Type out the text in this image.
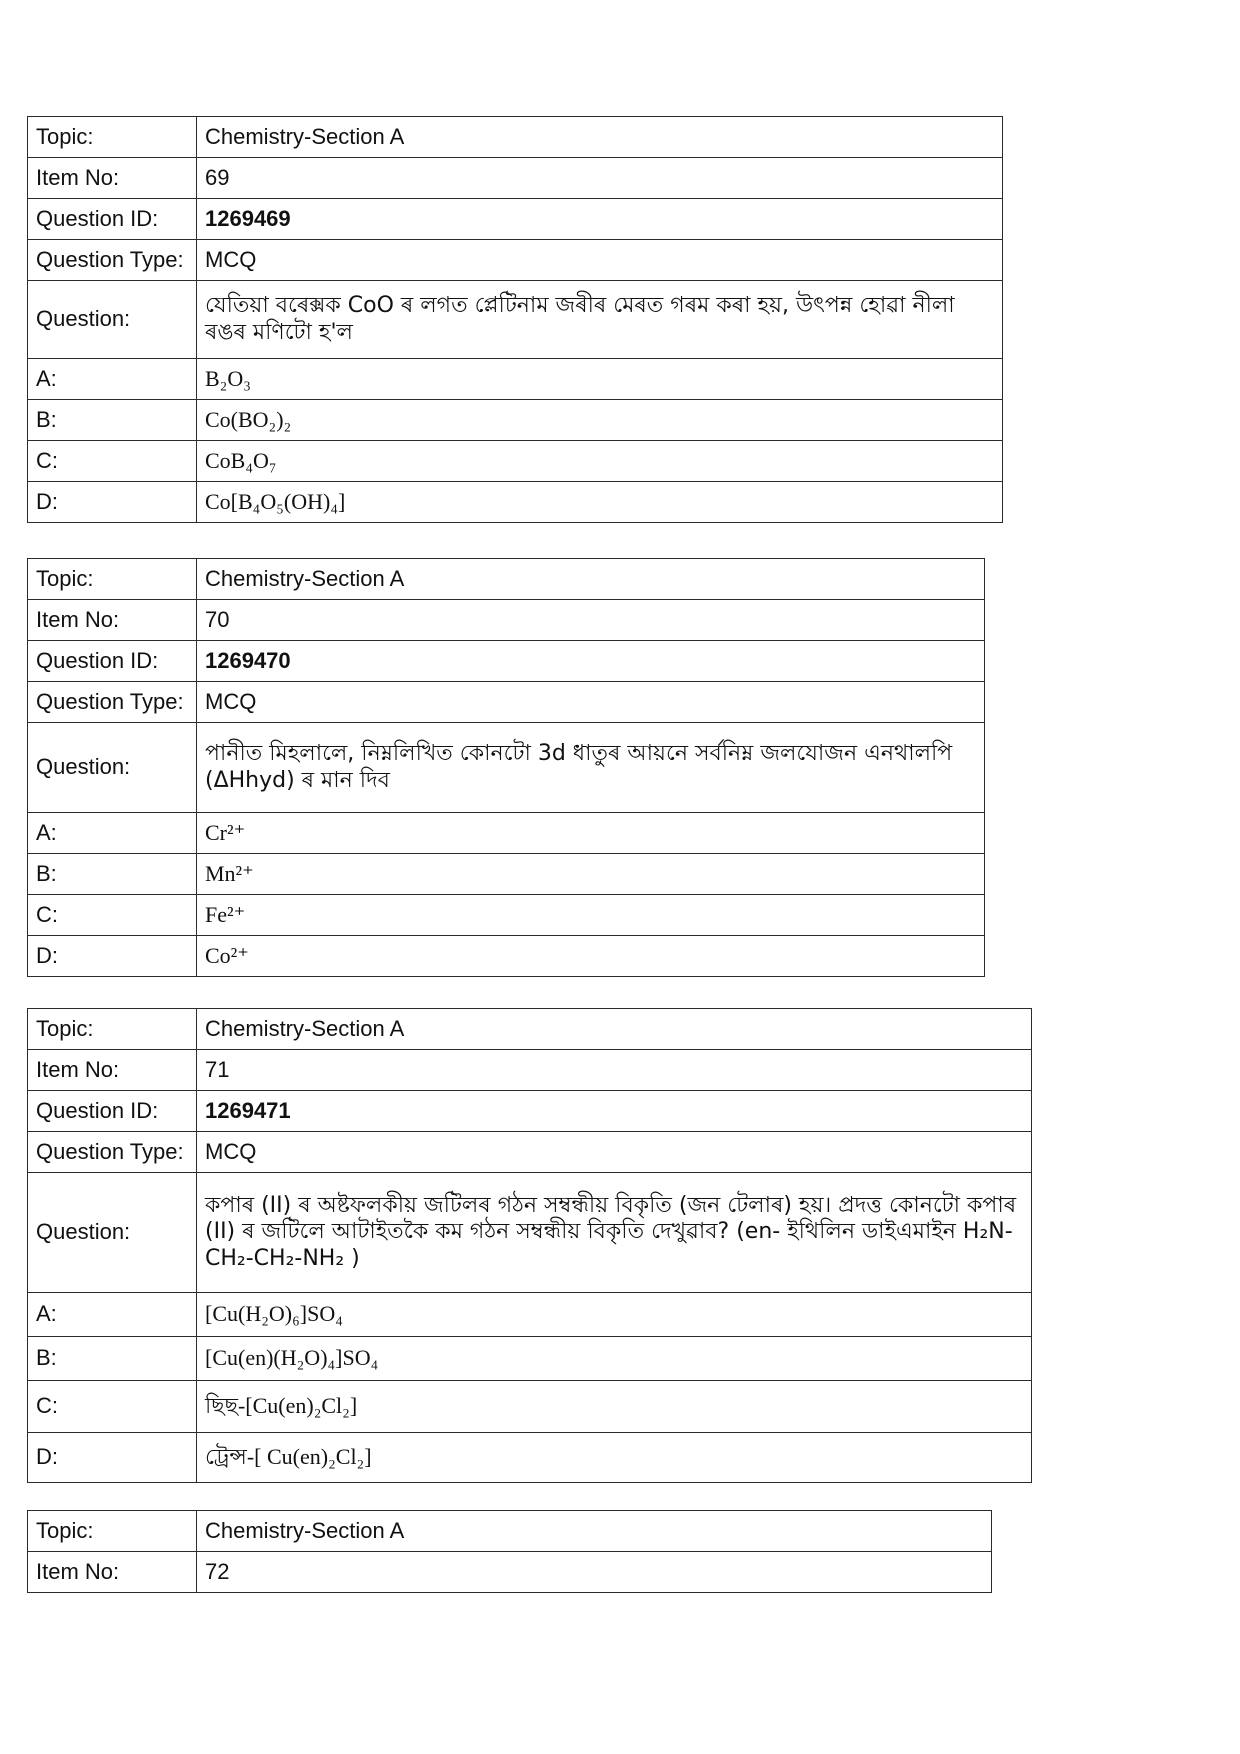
Topic:	Chemistry-Section A
Item No:	69
Question ID:	1269469
Question Type:	MCQ
Question:	যেতিয়া বৰেক্সক CoO ৰ লগত প্লেটিনাম জৰীৰ মেৰত গৰম কৰা হয়, উৎপন্ন হোৱা নীলা ৰঙৰ মণিটো হ'ল
A:	B₂O₃
B:	Co(BO₂)₂
C:	CoB₄O₇
D:	Co[B₄O₅(OH)₄]
Topic:	Chemistry-Section A
Item No:	70
Question ID:	1269470
Question Type:	MCQ
Question:	পানীত মিহলালে, নিম্নলিখিত কোনটো 3d ধাতুৰ আয়নে সৰ্বনিম্ন জলযোজন এনথালপি (ΔHhyd) ৰ মান দিব
A:	Cr²⁺
B:	Mn²⁺
C:	Fe²⁺
D:	Co²⁺
Topic:	Chemistry-Section A
Item No:	71
Question ID:	1269471
Question Type:	MCQ
Question:	কপাৰ (II) ৰ অষ্টফলকীয় জটিলৰ গঠন সম্বন্ধীয় বিকৃতি (জন টেলাৰ) হয়। প্ৰদত্ত কোনটো কপাৰ (II) ৰ জটিলে আটাইতকৈ কম গঠন সম্বন্ধীয় বিকৃতি দেখুৱাব? (en- ইথিলিন ডাইএমাইন H₂N-CH₂-CH₂-NH₂ )
A:	[Cu(H₂O)₆]SO₄
B:	[Cu(en)(H₂O)₄]SO₄
C:	ছিছ-[Cu(en)₂Cl₂]
D:	ট্ৰেন্স-[ Cu(en)₂Cl₂]
Topic:	Chemistry-Section A
Item No:	72
